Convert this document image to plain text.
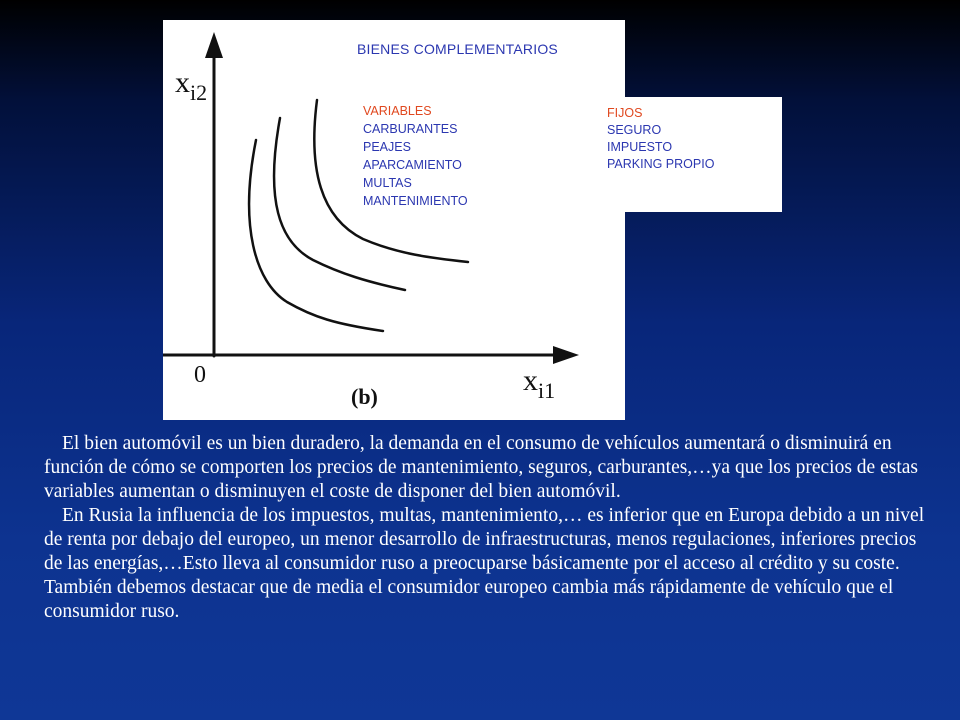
$x_{i2}$
$x_{i1}$
0
(b)
BIENES COMPLEMENTARIOS
VARIABLES
CARBURANTES
PEAJES
APARCAMIENTO
MULTAS
MANTENIMIENTO
FIJOS
SEGURO
IMPUESTO
PARKING PROPIO

El bien automóvil es un bien duradero, la demanda en el consumo de vehículos aumentará o disminuirá en función de cómo se comporten los precios de mantenimiento, seguros, carburantes,…ya que los precios de estas variables aumentan o disminuyen el coste de disponer del bien automóvil.

En Rusia la influencia de los impuestos, multas, mantenimiento,… es inferior que en Europa debido a un nivel de renta por debajo del europeo, un menor desarrollo de infraestructuras, menos regulaciones, inferiores precios de las energías,…Esto lleva al consumidor ruso a preocuparse básicamente por el acceso al crédito y su coste. También debemos destacar que de media el consumidor europeo cambia más rápidamente de vehículo que el consumidor ruso.
